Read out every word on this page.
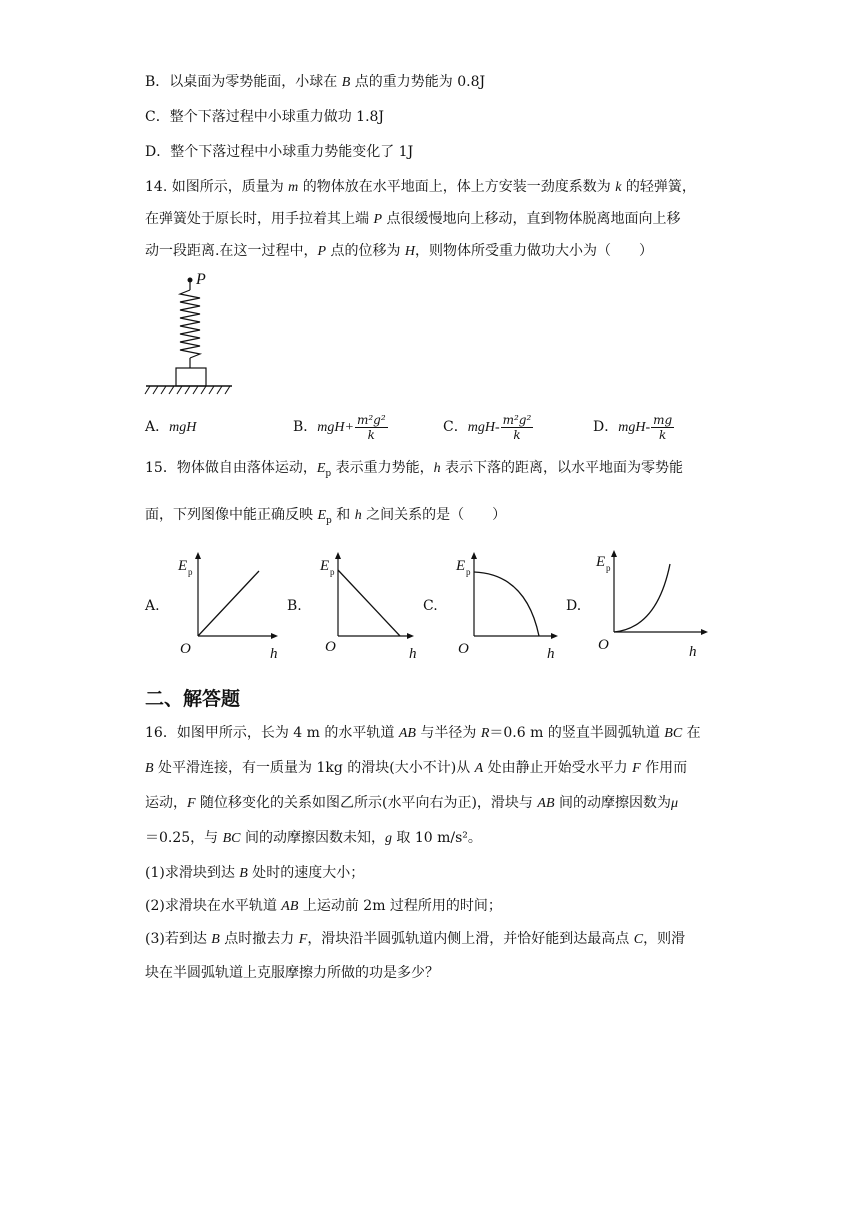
B．以桌面为零势能面，小球在 B 点的重力势能为 0.8J
C．整个下落过程中小球重力做功 1.8J
D．整个下落过程中小球重力势能变化了 1J
14. 如图所示，质量为 m 的物体放在水平地面上，体上方安装一劲度系数为 k 的轻弹簧，
在弹簧处于原长时，用手拉着其上端 P 点很缓慢地向上移动，直到物体脱离地面向上移
动一段距离.在这一过程中，P 点的位移为 H，则物体所受重力做功大小为（　　）
P
A．mgH	B．$mgH+ \frac{\text{m²g²}}{k}$	C．$mgH- \frac{\text{m²g²}}{k}$	D．$mgH- \frac{mg}{k}$
15．物体做自由落体运动，$E_p$ 表示重力势能，h 表示下落的距离，以水平地面为零势能
面，下列图像中能正确反映 $E_p$ 和 h 之间关系的是（　　）
A.	B.	C.	D.
E p
O	h
E p
O	h
E p
O	h
E p
O	h
二、解答题
16．如图甲所示，长为 4 m 的水平轨道 AB 与半径为 R＝0.6 m 的竖直半圆弧轨道 BC 在
B 处平滑连接，有一质量为 1kg 的滑块(大小不计)从 A 处由静止开始受水平力 F 作用而
运动，F 随位移变化的关系如图乙所示(水平向右为正)，滑块与 AB 间的动摩擦因数为μ
＝0.25，与 BC 间的动摩擦因数未知，g 取 10 m/s²。
(1)求滑块到达 B 处时的速度大小；
(2)求滑块在水平轨道 AB 上运动前 2m 过程所用的时间；
(3)若到达 B 点时撤去力 F，滑块沿半圆弧轨道内侧上滑，并恰好能到达最高点 C，则滑
块在半圆弧轨道上克服摩擦力所做的功是多少？
